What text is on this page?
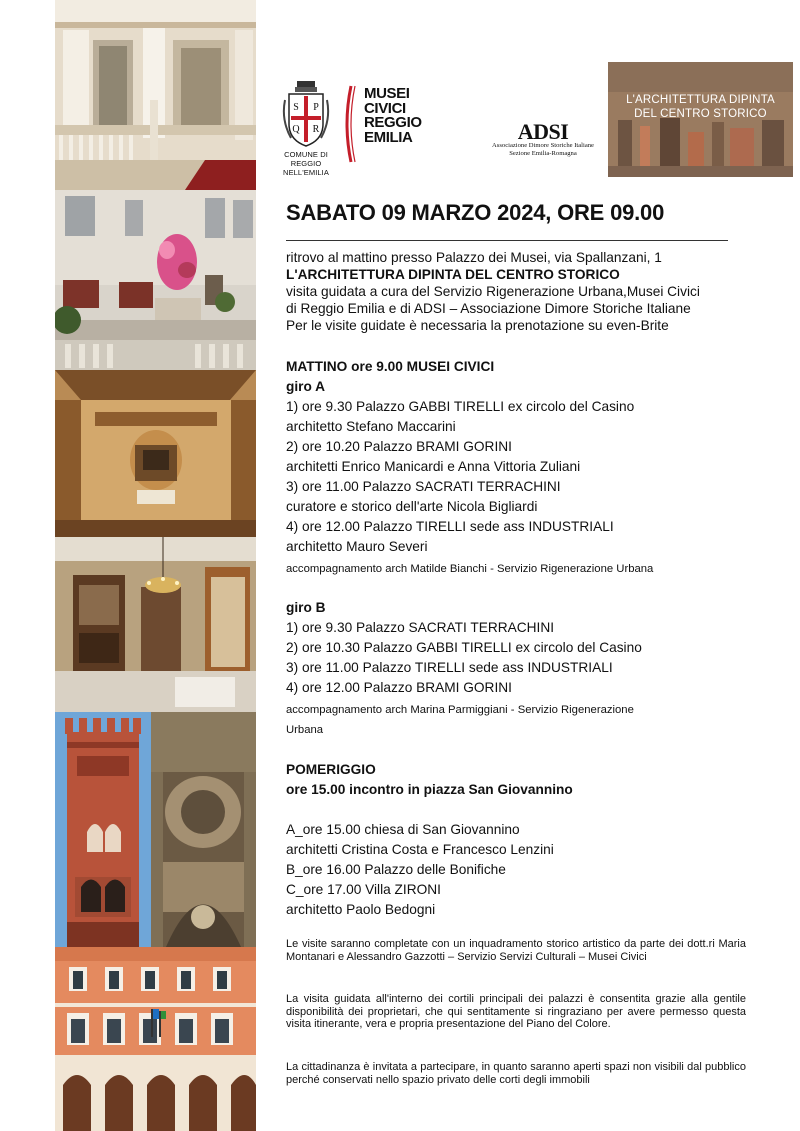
S P
Q R
COMUNE DI
REGGIO NELL'EMILIA
MUSEI
CIVICI
REGGIO
EMILIA	ADSI
Associazione Dimore Storiche Italiane
Sezione Emilia-Romagna
L'ARCHITETTURA DIPINTA
DEL CENTRO STORICO
SABATO 09 MARZO 2024, ORE 09.00
ritrovo al mattino presso Palazzo dei Musei, via Spallanzani, 1
L'ARCHITETTURA DIPINTA DEL CENTRO STORICO
visita guidata a cura del Servizio Rigenerazione Urbana,Musei Civici
di Reggio Emilia e di ADSI – Associazione Dimore Storiche Italiane
Per le visite guidate è necessaria la prenotazione su even-Brite
MATTINO ore 9.00 MUSEI CIVICI
giro A
1) ore 9.30 Palazzo GABBI TIRELLI ex circolo del Casino
architetto Stefano Maccarini
2) ore 10.20 Palazzo BRAMI GORINI
architetti Enrico Manicardi e Anna Vittoria Zuliani
3) ore 11.00 Palazzo SACRATI TERRACHINI
curatore e storico dell'arte Nicola Bigliardi
4) ore 12.00 Palazzo TIRELLI sede ass INDUSTRIALI
architetto Mauro Severi
accompagnamento arch Matilde Bianchi - Servizio Rigenerazione Urbana
giro B
1) ore 9.30 Palazzo SACRATI TERRACHINI
2) ore 10.30 Palazzo GABBI TIRELLI ex circolo del Casino
3) ore 11.00 Palazzo TIRELLI sede ass INDUSTRIALI
4) ore 12.00 Palazzo BRAMI GORINI
accompagnamento arch Marina Parmiggiani - Servizio Rigenerazione
Urbana
POMERIGGIO
ore 15.00 incontro in piazza San Giovannino
A_ore 15.00 chiesa di San Giovannino
architetti Cristina Costa e Francesco Lenzini
B_ore 16.00 Palazzo delle Bonifiche
C_ore 17.00 Villa ZIRONI
architetto Paolo Bedogni
Le visite saranno completate con un inquadramento storico artistico da parte dei dott.ri Maria Montanari e Alessandro Gazzotti – Servizio Servizi Culturali – Musei Civici
La visita guidata all'interno dei cortili principali dei palazzi è consentita grazie alla gentile disponibilità dei proprietari, che qui sentitamente si ringraziano per avere permesso questa visita itinerante, vera e propria presentazione del Piano del Colore.
La cittadinanza è invitata a partecipare, in quanto saranno aperti spazi non visibili dal pubblico perché conservati nello spazio privato delle corti degli immobili
